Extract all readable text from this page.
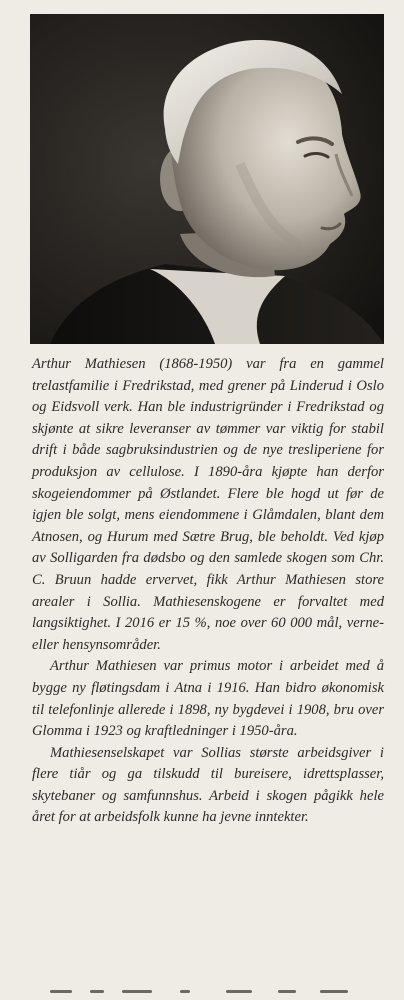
Arthur Mathiesen (1868-1950) var fra en gammel trelastfamilie i Fredrikstad, med grener på Linderud i Oslo og Eidsvoll verk. Han ble industrigründer i Fredrikstad og skjønte at sikre leveranser av tømmer var viktig for stabil drift i både sagbruksindustrien og de nye tresliperiene for produksjon av cellulose. I 1890-åra kjøpte han derfor skogeiendommer på Østlandet. Flere ble hogd ut før de igjen ble solgt, mens eiendommene i Glåmdalen, blant dem Atnosen, og Hurum med Sætre Brug, ble beholdt. Ved kjøp av Solligarden fra dødsbo og den samlede skogen som Chr. C. Bruun hadde ervervet, fikk Arthur Mathiesen store arealer i Sollia. Mathiesenskogene er forvaltet med langsiktighet. I 2016 er 15 %, noe over 60 000 mål, verne- eller hensynsområder.

Arthur Mathiesen var primus motor i arbeidet med å bygge ny fløtingsdam i Atna i 1916. Han bidro økonomisk til telefonlinje allerede i 1898, ny bygdevei i 1908, bru over Glomma i 1923 og kraftledninger i 1950-åra.

Mathiesenselskapet var Sollias største arbeidsgiver i flere tiår og ga tilskudd til bureisere, idrettsplasser, skytebaner og samfunnshus. Arbeid i skogen pågikk hele året for at arbeidsfolk kunne ha jevne inntekter.
